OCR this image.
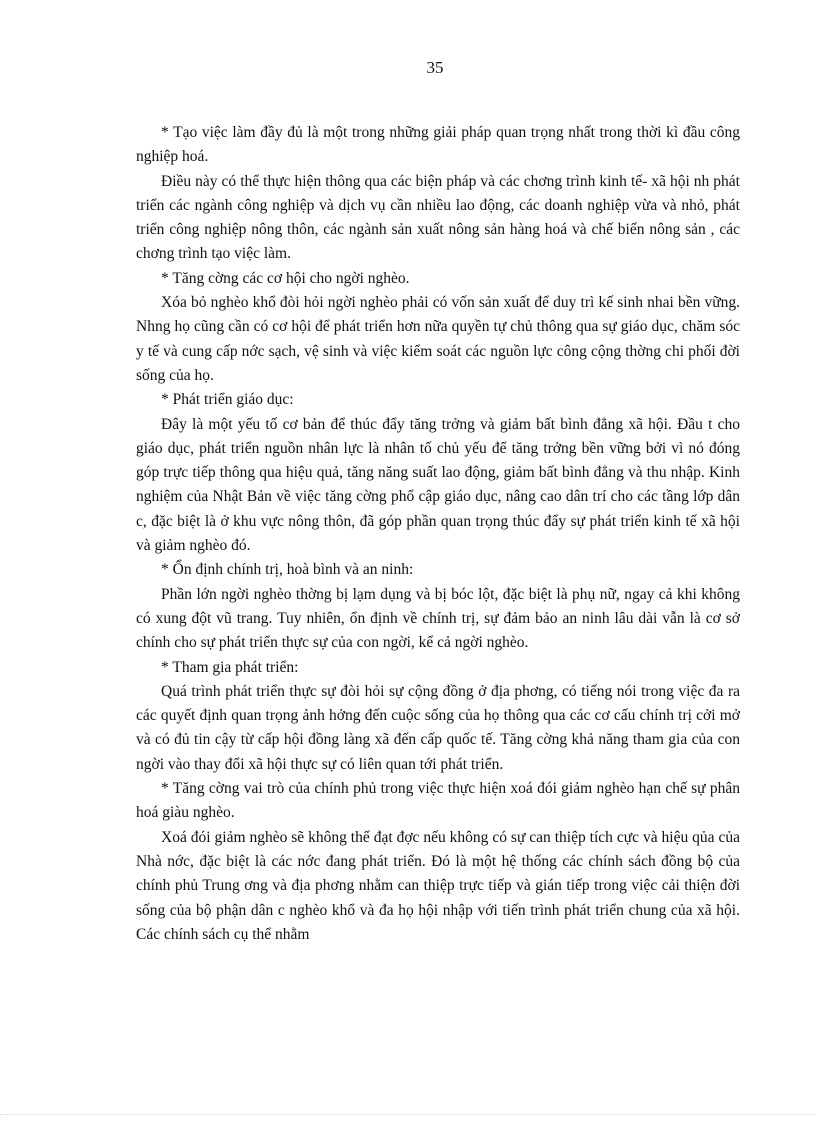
35

* Tạo việc làm đầy đủ là một trong những giải pháp quan trọng nhất trong thời kì đầu công nghiệp hoá.

Điều này có thể thực hiện thông qua các biện pháp và các chơng trình kinh tế- xã hội nh phát triển các ngành công nghiệp và dịch vụ cần nhiều lao động, các doanh nghiệp vừa và nhỏ, phát triển công nghiệp nông thôn, các ngành sản xuất nông sản hàng hoá và chế biến nông sản , các chơng trình tạo việc làm.

* Tăng cờng các cơ hội cho ngời nghèo.

Xóa bỏ nghèo khổ đòi hỏi ngời nghèo phải có vốn sản xuất để duy trì kế sinh nhai bền vững. Nhng họ cũng cần có cơ hội để phát triển hơn nữa quyền tự chủ thông qua sự giáo dục, chăm sóc y tế và cung cấp nớc sạch, vệ sinh và việc kiểm soát các nguồn lực công cộng thờng chi phối đời sống của họ.

* Phát triển giáo dục:

Đây là một yếu tố cơ bản để thúc đẩy tăng trởng và giảm bất bình đẳng xã hội. Đầu t cho giáo dục, phát triển nguồn nhân lực là nhân tố chủ yếu để tăng trởng bền vững bởi vì nó đóng góp trực tiếp thông qua hiệu quả, tăng năng suất lao động, giảm bất bình đẳng và thu nhập. Kinh nghiệm của Nhật Bản về việc tăng cờng phổ cập giáo dục, nâng cao dân trí cho các tầng lớp dân c, đặc biệt là ở khu vực nông thôn, đã góp phần quan trọng thúc đẩy sự phát triển kinh tế xã hội và giảm nghèo đó.

* Ổn định chính trị, hoà bình và an ninh:

Phần lớn ngời nghèo thờng bị lạm dụng và bị bóc lột, đặc biệt là phụ nữ, ngay cả khi không có xung đột vũ trang. Tuy nhiên, ổn định về chính trị, sự đảm bảo an ninh lâu dài vẫn là cơ sở chính cho sự phát triển thực sự của con ngời, kể cả ngời nghèo.

* Tham gia phát triển:

Quá trình phát triển thực sự đòi hỏi sự cộng đồng ở địa phơng, có tiếng nói trong việc đa ra các quyết định quan trọng ảnh hởng đến cuộc sống của họ thông qua các cơ cấu chính trị cởi mở và có đủ tin cậy từ cấp hội đồng làng xã đến cấp quốc tế. Tăng cờng khả năng tham gia của con ngời vào thay đổi xã hội thực sự có liên quan tới phát triển.

* Tăng cờng vai trò của chính phủ trong việc thực hiện xoá đói giảm nghèo hạn chế sự phân hoá giàu nghèo.

Xoá đói giảm nghèo sẽ không thể đạt đợc nếu không có sự can thiệp tích cực và hiệu qủa của Nhà nớc, đặc biệt là các nớc đang phát triển. Đó là một hệ thống các chính sách đồng bộ của chính phủ Trung ơng và địa phơng nhằm can thiệp trực tiếp và gián tiếp trong việc cải thiện đời sống của bộ phận dân c nghèo khổ và đa họ hội nhập với tiến trình phát triển chung của xã hội. Các chính sách cụ thể nhằm
